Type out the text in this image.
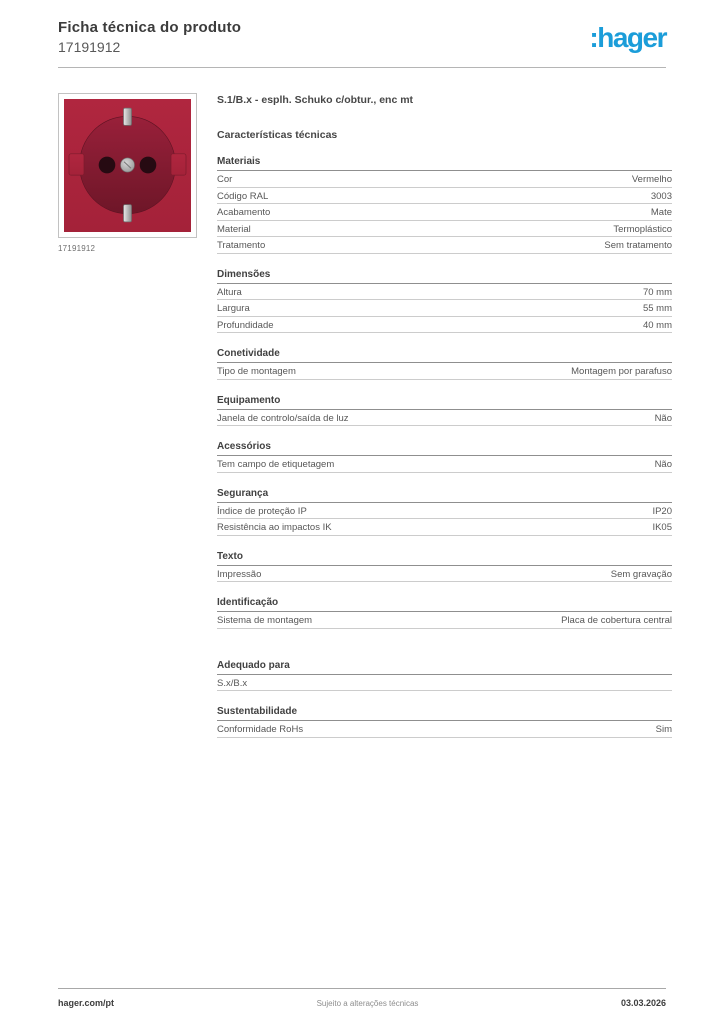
Ficha técnica do produto
17191912	:hager
17191912
S.1/B.x - esplh. Schuko c/obtur., enc mt
Características técnicas
Materiais
Cor	Vermelho
Código RAL	3003
Acabamento	Mate
Material	Termoplástico
Tratamento	Sem tratamento
Dimensões
Altura	70 mm
Largura	55 mm
Profundidade	40 mm
Conetividade
Tipo de montagem	Montagem por parafuso
Equipamento
Janela de controlo/saída de luz	Não
Acessórios
Tem campo de etiquetagem	Não
Segurança
Índice de proteção IP	IP20
Resistência ao impactos IK	IK05
Texto
Impressão	Sem gravação
Identificação
Sistema de montagem	Placa de cobertura central
Adequado para
S.x/B.x
Sustentabilidade
Conformidade RoHs	Sim
hager.com/pt	Sujeito a alterações técnicas	03.03.2026
